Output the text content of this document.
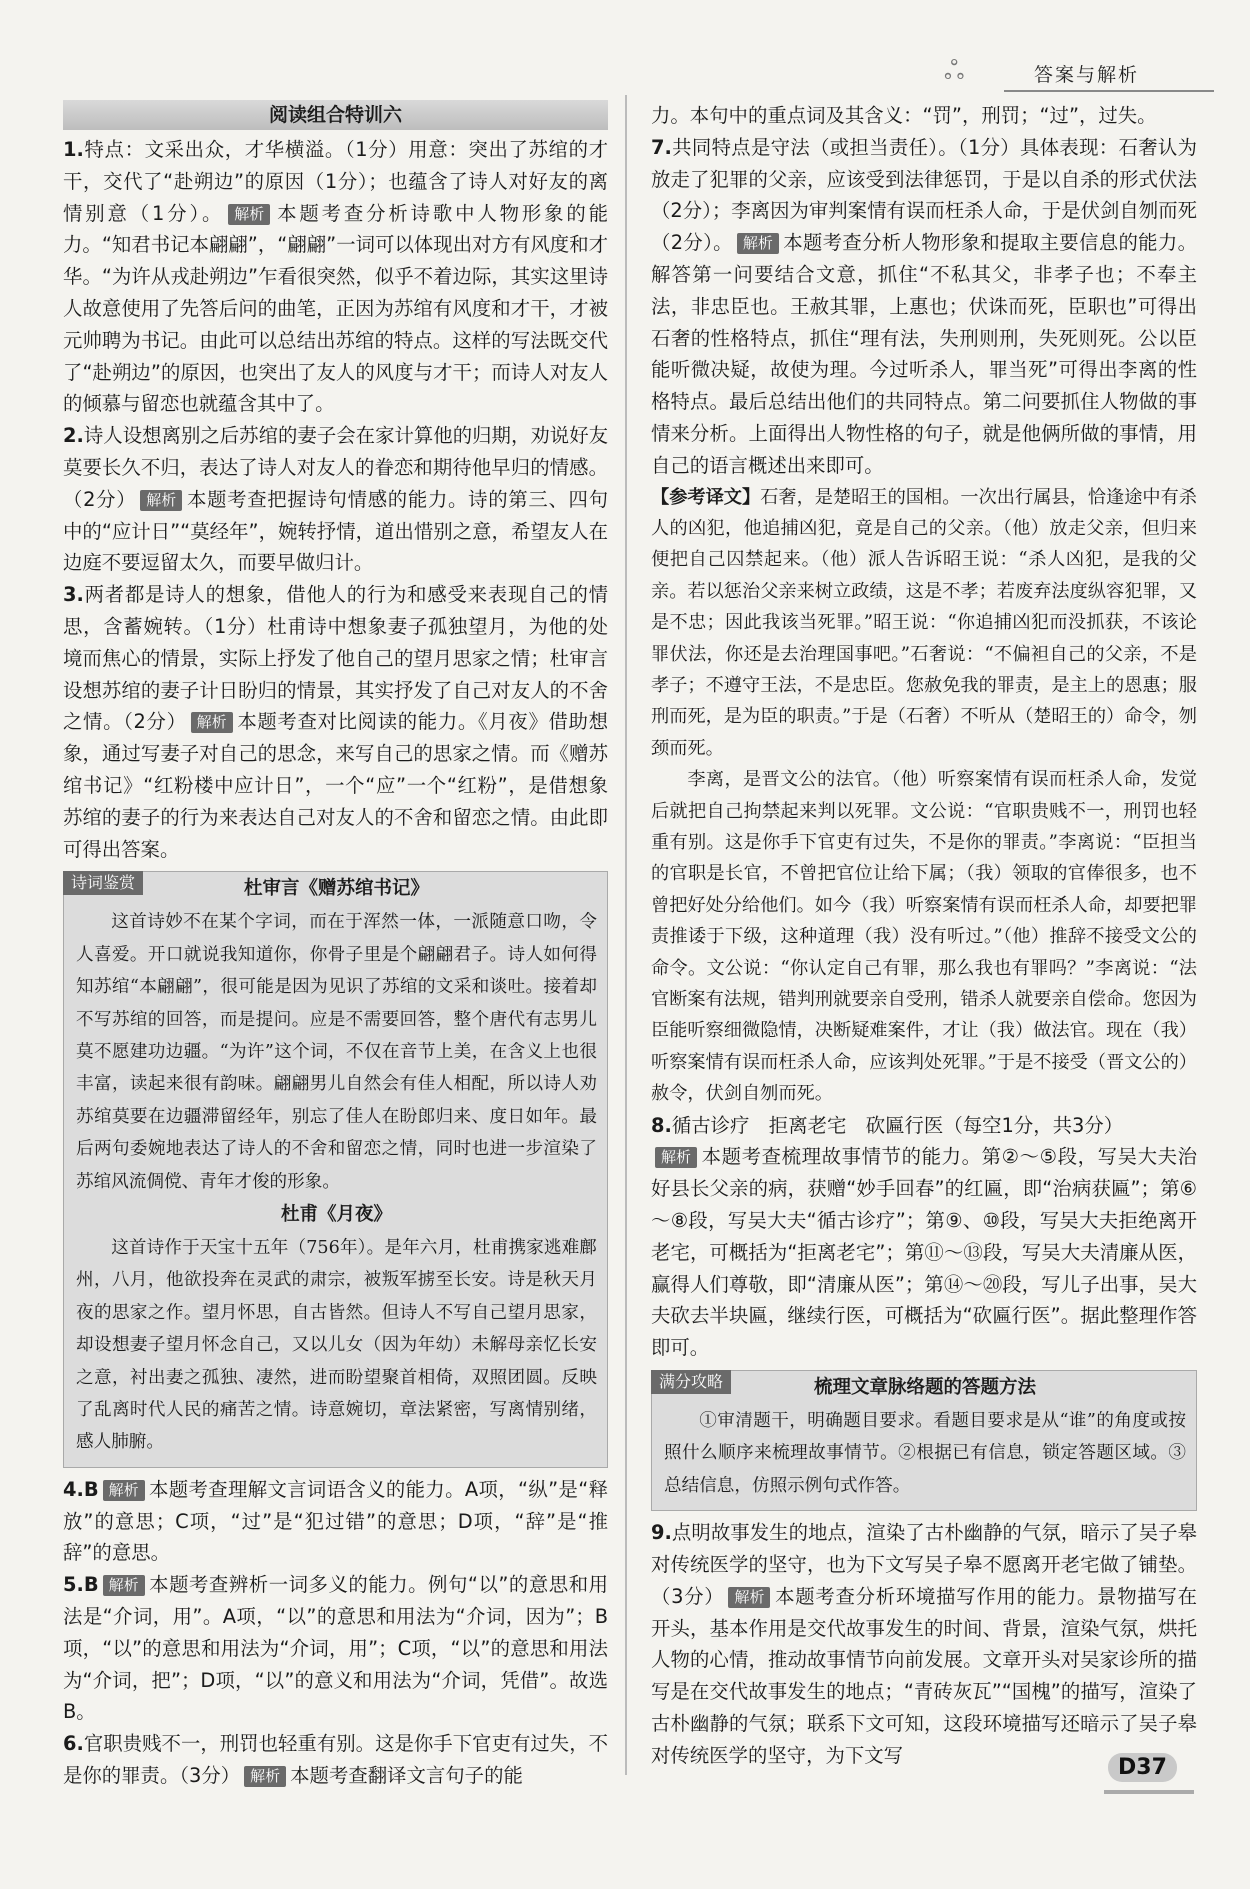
ஃ	答案与解析
阅读组合特训六

1.特点：文采出众，才华横溢。（1分）用意：突出了苏绾的才干，交代了“赴朔边”的原因（1分）；也蕴含了诗人对好友的离情别意（1分）。 解析 本题考查分析诗歌中人物形象的能力。“知君书记本翩翩”，“翩翩”一词可以体现出对方有风度和才华。“为许从戎赴朔边”乍看很突然，似乎不着边际，其实这里诗人故意使用了先答后问的曲笔，正因为苏绾有风度和才干，才被元帅聘为书记。由此可以总结出苏绾的特点。这样的写法既交代了“赴朔边”的原因，也突出了友人的风度与才干；而诗人对友人的倾慕与留恋也就蕴含其中了。

2.诗人设想离别之后苏绾的妻子会在家计算他的归期，劝说好友莫要长久不归，表达了诗人对友人的眷恋和期待他早归的情感。（2分） 解析 本题考查把握诗句情感的能力。诗的第三、四句中的“应计日”“莫经年”，婉转抒情，道出惜别之意，希望友人在边庭不要逗留太久，而要早做归计。

3.两者都是诗人的想象，借他人的行为和感受来表现自己的情思，含蓄婉转。（1分）杜甫诗中想象妻子孤独望月，为他的处境而焦心的情景，实际上抒发了他自己的望月思家之情；杜审言设想苏绾的妻子计日盼归的情景，其实抒发了自己对友人的不舍之情。（2分） 解析 本题考查对比阅读的能力。《月夜》借助想象，通过写妻子对自己的思念，来写自己的思家之情。而《赠苏绾书记》“红粉楼中应计日”，一个“应”一个“红粉”，是借想象苏绾的妻子的行为来表达自己对友人的不舍和留恋之情。由此即可得出答案。

诗词鉴赏	杜审言《赠苏绾书记》

这首诗妙不在某个字词，而在于浑然一体，一派随意口吻，令人喜爱。开口就说我知道你，你骨子里是个翩翩君子。诗人如何得知苏绾“本翩翩”，很可能是因为见识了苏绾的文采和谈吐。接着却不写苏绾的回答，而是提问。应是不需要回答，整个唐代有志男儿莫不愿建功边疆。“为许”这个词，不仅在音节上美，在含义上也很丰富，读起来很有韵味。翩翩男儿自然会有佳人相配，所以诗人劝苏绾莫要在边疆滞留经年，别忘了佳人在盼郎归来、度日如年。最后两句委婉地表达了诗人的不舍和留恋之情，同时也进一步渲染了苏绾风流倜傥、青年才俊的形象。

杜甫《月夜》

这首诗作于天宝十五年（756年）。是年六月，杜甫携家逃难鄜州，八月，他欲投奔在灵武的肃宗，被叛军掳至长安。诗是秋天月夜的思家之作。望月怀思，自古皆然。但诗人不写自己望月思家，却设想妻子望月怀念自己，又以儿女（因为年幼）未解母亲忆长安之意，衬出妻之孤独、凄然，进而盼望聚首相倚，双照团圆。反映了乱离时代人民的痛苦之情。诗意婉切，章法紧密，写离情别绪，感人肺腑。

4.B 解析 本题考查理解文言词语含义的能力。A项，“纵”是“释放”的意思；C项，“过”是“犯过错”的意思；D项，“辞”是“推辞”的意思。

5.B 解析 本题考查辨析一词多义的能力。例句“以”的意思和用法是“介词，用”。A项，“以”的意思和用法为“介词，因为”；B项，“以”的意思和用法为“介词，用”；C项，“以”的意思和用法为“介词，把”；D项，“以”的意义和用法为“介词，凭借”。故选B。

6.官职贵贱不一，刑罚也轻重有别。这是你手下官吏有过失，不是你的罪责。（3分） 解析 本题考查翻译文言句子的能

力。本句中的重点词及其含义：“罚”，刑罚；“过”，过失。

7.共同特点是守法（或担当责任）。（1分）具体表现：石奢认为放走了犯罪的父亲，应该受到法律惩罚，于是以自杀的形式伏法（2分）；李离因为审判案情有误而枉杀人命，于是伏剑自刎而死（2分）。 解析 本题考查分析人物形象和提取主要信息的能力。解答第一问要结合文意，抓住“不私其父，非孝子也；不奉主法，非忠臣也。王赦其罪，上惠也；伏诛而死，臣职也”可得出石奢的性格特点，抓住“理有法，失刑则刑，失死则死。公以臣能听微决疑，故使为理。今过听杀人，罪当死”可得出李离的性格特点。最后总结出他们的共同特点。第二问要抓住人物做的事情来分析。上面得出人物性格的句子，就是他俩所做的事情，用自己的语言概述出来即可。

【参考译文】石奢，是楚昭王的国相。一次出行属县，恰逢途中有杀人的凶犯，他追捕凶犯，竟是自己的父亲。（他）放走父亲，但归来便把自己囚禁起来。（他）派人告诉昭王说：“杀人凶犯，是我的父亲。若以惩治父亲来树立政绩，这是不孝；若废弃法度纵容犯罪，又是不忠；因此我该当死罪。”昭王说：“你追捕凶犯而没抓获，不该论罪伏法，你还是去治理国事吧。”石奢说：“不偏袒自己的父亲，不是孝子；不遵守王法，不是忠臣。您赦免我的罪责，是主上的恩惠；服刑而死，是为臣的职责。”于是（石奢）不听从（楚昭王的）命令，刎颈而死。

李离，是晋文公的法官。（他）听察案情有误而枉杀人命，发觉后就把自己拘禁起来判以死罪。文公说：“官职贵贱不一，刑罚也轻重有别。这是你手下官吏有过失，不是你的罪责。”李离说：“臣担当的官职是长官，不曾把官位让给下属；（我）领取的官俸很多，也不曾把好处分给他们。如今（我）听察案情有误而枉杀人命，却要把罪责推诿于下级，这种道理（我）没有听过。”（他）推辞不接受文公的命令。文公说：“你认定自己有罪，那么我也有罪吗？”李离说：“法官断案有法规，错判刑就要亲自受刑，错杀人就要亲自偿命。您因为臣能听察细微隐情，决断疑难案件，才让（我）做法官。现在（我）听察案情有误而枉杀人命，应该判处死罪。”于是不接受（晋文公的）赦令，伏剑自刎而死。

8.循古诊疗　拒离老宅　砍匾行医（每空1分，共3分）
解析 本题考查梳理故事情节的能力。第②～⑤段，写吴大夫治好县长父亲的病，获赠“妙手回春”的红匾，即“治病获匾”；第⑥～⑧段，写吴大夫“循古诊疗”；第⑨、⑩段，写吴大夫拒绝离开老宅，可概括为“拒离老宅”；第⑪～⑬段，写吴大夫清廉从医，赢得人们尊敬，即“清廉从医”；第⑭～⑳段，写儿子出事，吴大夫砍去半块匾，继续行医，可概括为“砍匾行医”。据此整理作答即可。

满分攻略	梳理文章脉络题的答题方法

①审清题干，明确题目要求。看题目要求是从“谁”的角度或按照什么顺序来梳理故事情节。②根据已有信息，锁定答题区域。③总结信息，仿照示例句式作答。

9.点明故事发生的地点，渲染了古朴幽静的气氛，暗示了吴子皋对传统医学的坚守，也为下文写吴子皋不愿离开老宅做了铺垫。（3分） 解析 本题考查分析环境描写作用的能力。景物描写在开头，基本作用是交代故事发生的时间、背景，渲染气氛，烘托人物的心情，推动故事情节向前发展。文章开头对吴家诊所的描写是在交代故事发生的地点；“青砖灰瓦”“国槐”的描写，渲染了古朴幽静的气氛；联系下文可知，这段环境描写还暗示了吴子皋对传统医学的坚守，为下文写	D37
